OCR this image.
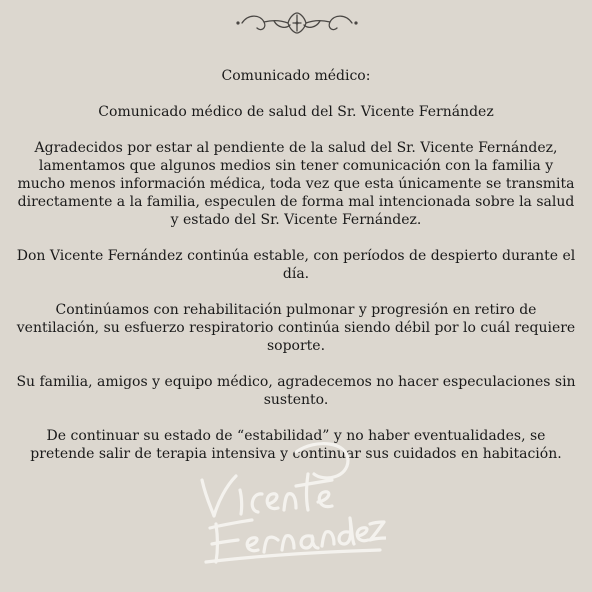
Comunicado médico:

Comunicado médico de salud del Sr. Vicente Fernández

Agradecidos por estar al pendiente de la salud del Sr. Vicente Fernández, lamentamos que algunos medios sin tener comunicación con la familia y mucho menos información médica, toda vez que esta únicamente se transmita directamente a la familia, especulen de forma mal intencionada sobre la salud y estado del Sr. Vicente Fernández.

Don Vicente Fernández continúa estable, con períodos de despierto durante el día.

Continúamos con rehabilitación pulmonar y progresión en retiro de ventilación, su esfuerzo respiratorio continúa siendo débil por lo cuál requiere soporte.

Su familia, amigos y equipo médico, agradecemos no hacer especulaciones sin sustento.

De continuar su estado de “estabilidad” y no haber eventualidades, se pretende salir de terapia intensiva y continuar sus cuidados en habitación.
